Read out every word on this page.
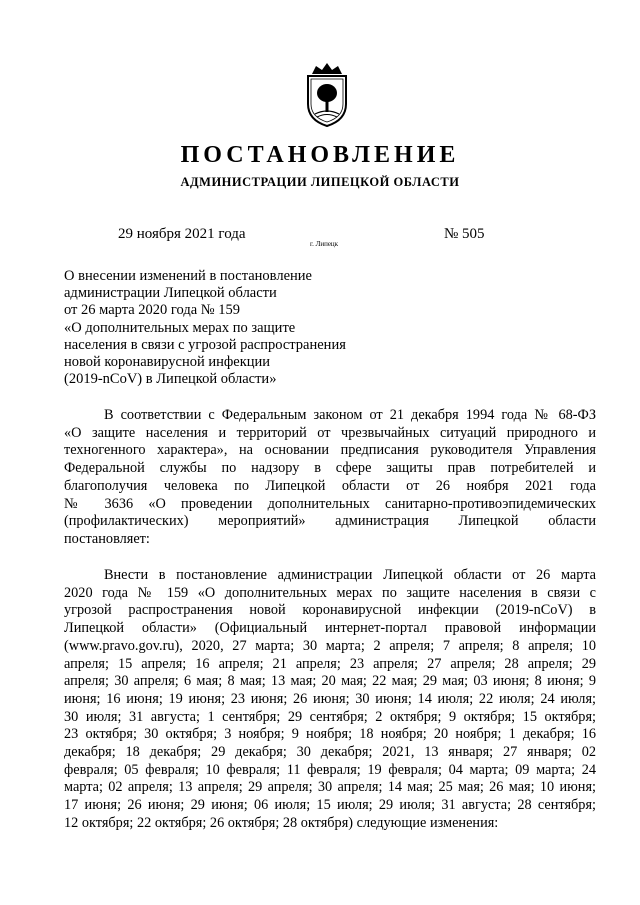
ПОСТАНОВЛЕНИЕ
АДМИНИСТРАЦИИ ЛИПЕЦКОЙ ОБЛАСТИ
29 ноября 2021 года
г. Липецк
№ 505
О внесении изменений в постановление
администрации Липецкой области
от 26 марта 2020 года № 159
«О дополнительных мерах по защите
населения в связи с угрозой распространения
новой коронавирусной инфекции
(2019-nCoV) в Липецкой области»
В соответствии с Федеральным законом от 21 декабря 1994 года № 68-ФЗ
«О защите населения и территорий от чрезвычайных ситуаций природного и
техногенного характера», на основании предписания руководителя Управления
Федеральной службы по надзору в сфере защиты прав потребителей и
благополучия человека по Липецкой области от 26 ноября 2021 года
№ 3636 «О проведении дополнительных санитарно-противоэпидемических
(профилактических) мероприятий» администрация Липецкой области
постановляет:
Внести в постановление администрации Липецкой области от 26 марта
2020 года № 159 «О дополнительных мерах по защите населения в связи с
угрозой распространения новой коронавирусной инфекции (2019-nCoV) в
Липецкой области» (Официальный интернет-портал правовой информации
(www.pravo.gov.ru), 2020, 27 марта; 30 марта; 2 апреля; 7 апреля; 8 апреля; 10
апреля; 15 апреля; 16 апреля; 21 апреля; 23 апреля; 27 апреля; 28 апреля; 29
апреля; 30 апреля; 6 мая; 8 мая; 13 мая; 20 мая; 22 мая; 29 мая; 03 июня; 8 июня; 9
июня; 16 июня; 19 июня; 23 июня; 26 июня; 30 июня; 14 июля; 22 июля; 24 июля;
30 июля; 31 августа; 1 сентября; 29 сентября; 2 октября; 9 октября; 15 октября;
23 октября; 30 октября; 3 ноября; 9 ноября; 18 ноября; 20 ноября; 1 декабря; 16
декабря; 18 декабря; 29 декабря; 30 декабря; 2021, 13 января; 27 января; 02
февраля; 05 февраля; 10 февраля; 11 февраля; 19 февраля; 04 марта; 09 марта; 24
марта; 02 апреля; 13 апреля; 29 апреля; 30 апреля; 14 мая; 25 мая; 26 мая; 10 июня;
17 июня; 26 июня; 29 июня; 06 июля; 15 июля; 29 июля; 31 августа; 28 сентября;
12 октября; 22 октября; 26 октября; 28 октября) следующие изменения:
